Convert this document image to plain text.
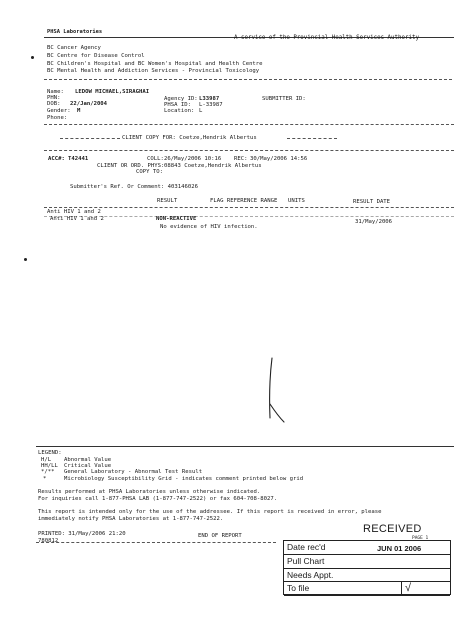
PHSA Laboratories
A service of the Provincial Health Services Authority
BC Cancer Agency
BC Centre for Disease Control
BC Children's Hospital and BC Women's Hospital and Health Centre
BC Mental Health and Addiction Services - Provincial Toxicology
Name: LEDOW MICHAEL,SIRAGHAI
PHN:
DOB: 22/Jan/2004
Gender: M
Phone:
Agency ID: L33987
PHSA ID: L-33987
Location: L
SUBMITTER ID:
CLIENT COPY FOR: Coetze,Hendrik Albertus
ACC#: T42441	COLL: 26/May/2006 10:16 REC: 30/May/2006 14:56
CLIENT OR ORD. PHYS: 08843 Coetze,Hendrik Albertus
COPY TO:
Submitter's Ref. Or Comment: 403146026
RESULT	FLAG REFERENCE RANGE UNITS	RESULT DATE
Anti HIV 1 and 2
Anti HIV 1 and 2	NON-REACTIVE
No evidence of HIV infection.
31/May/2006
LEGEND:
H/L Abnormal Value
HH/LL Critical Value
*/** General Laboratory - Abnormal Test Result
*	Microbiology Susceptibility Grid - indicates comment printed below grid
Results performed at PHSA Laboratories unless otherwise indicated.
For inquiries call 1-877-PHSA LAB (1-877-747-2522) or fax 604-708-8027.
This report is intended only for the use of the addressee. If this report is received in error, please
immediately notify PHSA Laboratories at 1-877-747-2522.
PRINTED: 31/May/2006 21:20
780812
END OF REPORT
RECEIVED
PAGE 1
Date rec'd	JUN 01 2006
Pull Chart
Needs Appt.
To file	√
